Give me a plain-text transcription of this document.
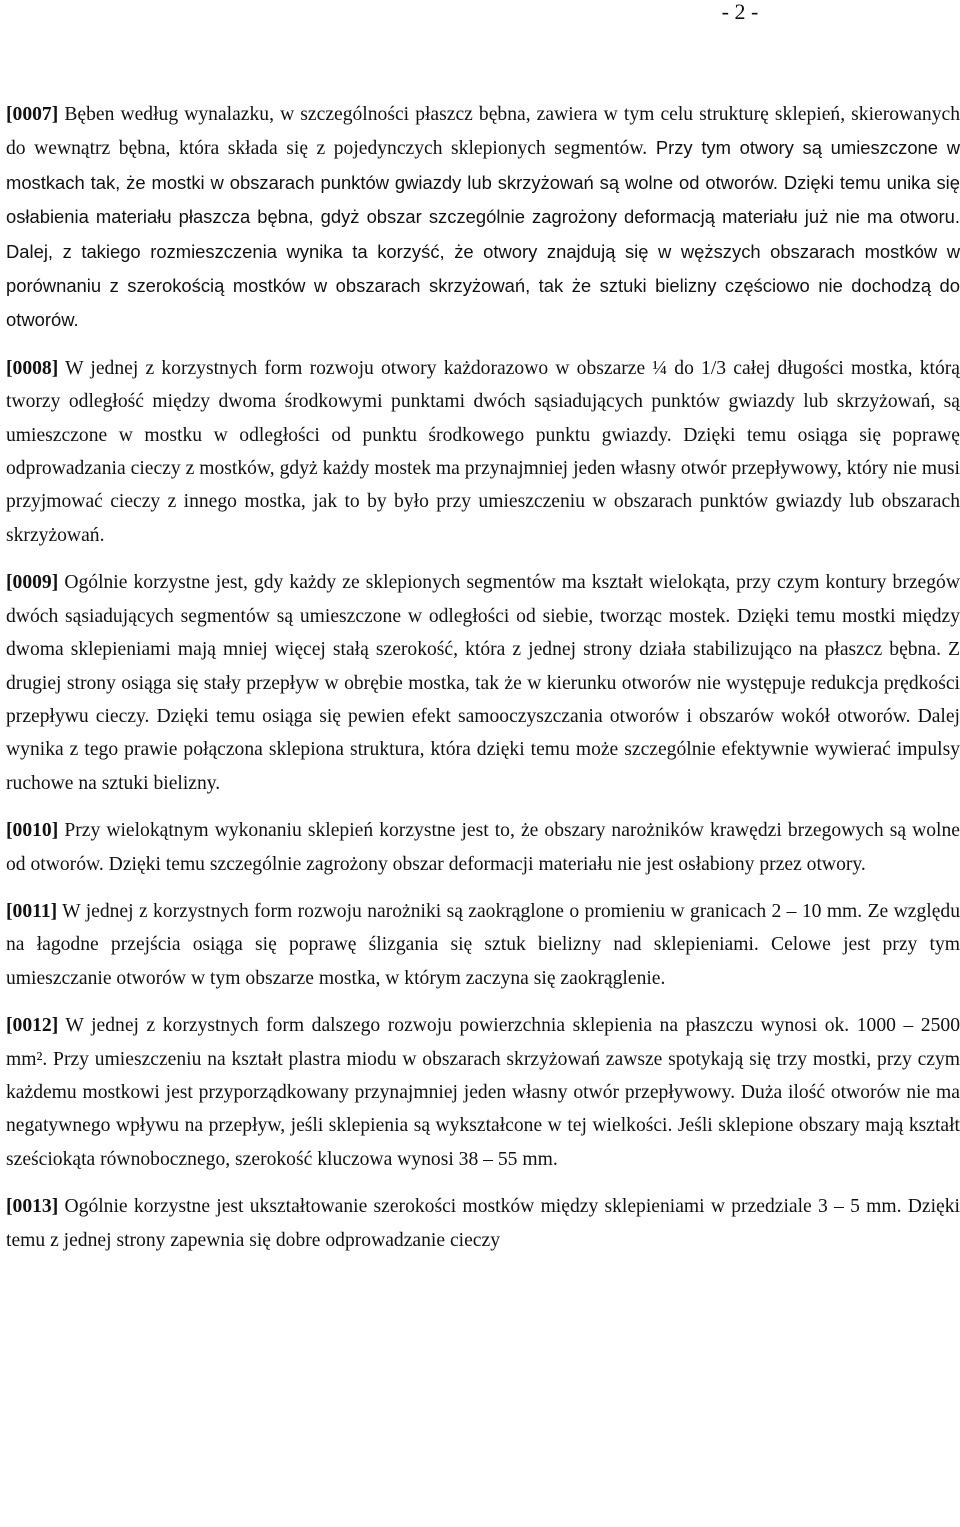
- 2 -

[0007] Bęben według wynalazku, w szczególności płaszcz bębna, zawiera w tym celu strukturę sklepień, skierowanych do wewnątrz bębna, która składa się z pojedynczych sklepionych segmentów. Przy tym otwory są umieszczone w mostkach tak, że mostki w obszarach punktów gwiazdy lub skrzyżowań są wolne od otworów. Dzięki temu unika się osłabienia materiału płaszcza bębna, gdyż obszar szczególnie zagrożony deformacją materiału już nie ma otworu. Dalej, z takiego rozmieszczenia wynika ta korzyść, że otwory znajdują się w węższych obszarach mostków w porównaniu z szerokością mostków w obszarach skrzyżowań, tak że sztuki bielizny częściowo nie dochodzą do otworów.

[0008] W jednej z korzystnych form rozwoju otwory każdorazowo w obszarze ¼ do 1/3 całej długości mostka, którą tworzy odległość między dwoma środkowymi punktami dwóch sąsiadujących punktów gwiazdy lub skrzyżowań, są umieszczone w mostku w odległości od punktu środkowego punktu gwiazdy. Dzięki temu osiąga się poprawę odprowadzania cieczy z mostków, gdyż każdy mostek ma przynajmniej jeden własny otwór przepływowy, który nie musi przyjmować cieczy z innego mostka, jak to by było przy umieszczeniu w obszarach punktów gwiazdy lub obszarach skrzyżowań.

[0009] Ogólnie korzystne jest, gdy każdy ze sklepionych segmentów ma kształt wielokąta, przy czym kontury brzegów dwóch sąsiadujących segmentów są umieszczone w odległości od siebie, tworząc mostek. Dzięki temu mostki między dwoma sklepieniami mają mniej więcej stałą szerokość, która z jednej strony działa stabilizująco na płaszcz bębna. Z drugiej strony osiąga się stały przepływ w obrębie mostka, tak że w kierunku otworów nie występuje redukcja prędkości przepływu cieczy. Dzięki temu osiąga się pewien efekt samooczyszczania otworów i obszarów wokół otworów. Dalej wynika z tego prawie połączona sklepiona struktura, która dzięki temu może szczególnie efektywnie wywierać impulsy ruchowe na sztuki bielizny.

[0010] Przy wielokątnym wykonaniu sklepień korzystne jest to, że obszary narożników krawędzi brzegowych są wolne od otworów. Dzięki temu szczególnie zagrożony obszar deformacji materiału nie jest osłabiony przez otwory.

[0011] W jednej z korzystnych form rozwoju narożniki są zaokrąglone o promieniu w granicach 2 – 10 mm. Ze względu na łagodne przejścia osiąga się poprawę ślizgania się sztuk bielizny nad sklepieniami. Celowe jest przy tym umieszczanie otworów w tym obszarze mostka, w którym zaczyna się zaokrąglenie.

[0012] W jednej z korzystnych form dalszego rozwoju powierzchnia sklepienia na płaszczu wynosi ok. 1000 – 2500 mm². Przy umieszczeniu na kształt plastra miodu w obszarach skrzyżowań zawsze spotykają się trzy mostki, przy czym każdemu mostkowi jest przyporządkowany przynajmniej jeden własny otwór przepływowy. Duża ilość otworów nie ma negatywnego wpływu na przepływ, jeśli sklepienia są wykształcone w tej wielkości. Jeśli sklepione obszary mają kształt sześciokąta równobocznego, szerokość kluczowa wynosi 38 – 55 mm.

[0013] Ogólnie korzystne jest ukształtowanie szerokości mostków między sklepieniami w przedziale 3 – 5 mm. Dzięki temu z jednej strony zapewnia się dobre odprowadzanie cieczy
